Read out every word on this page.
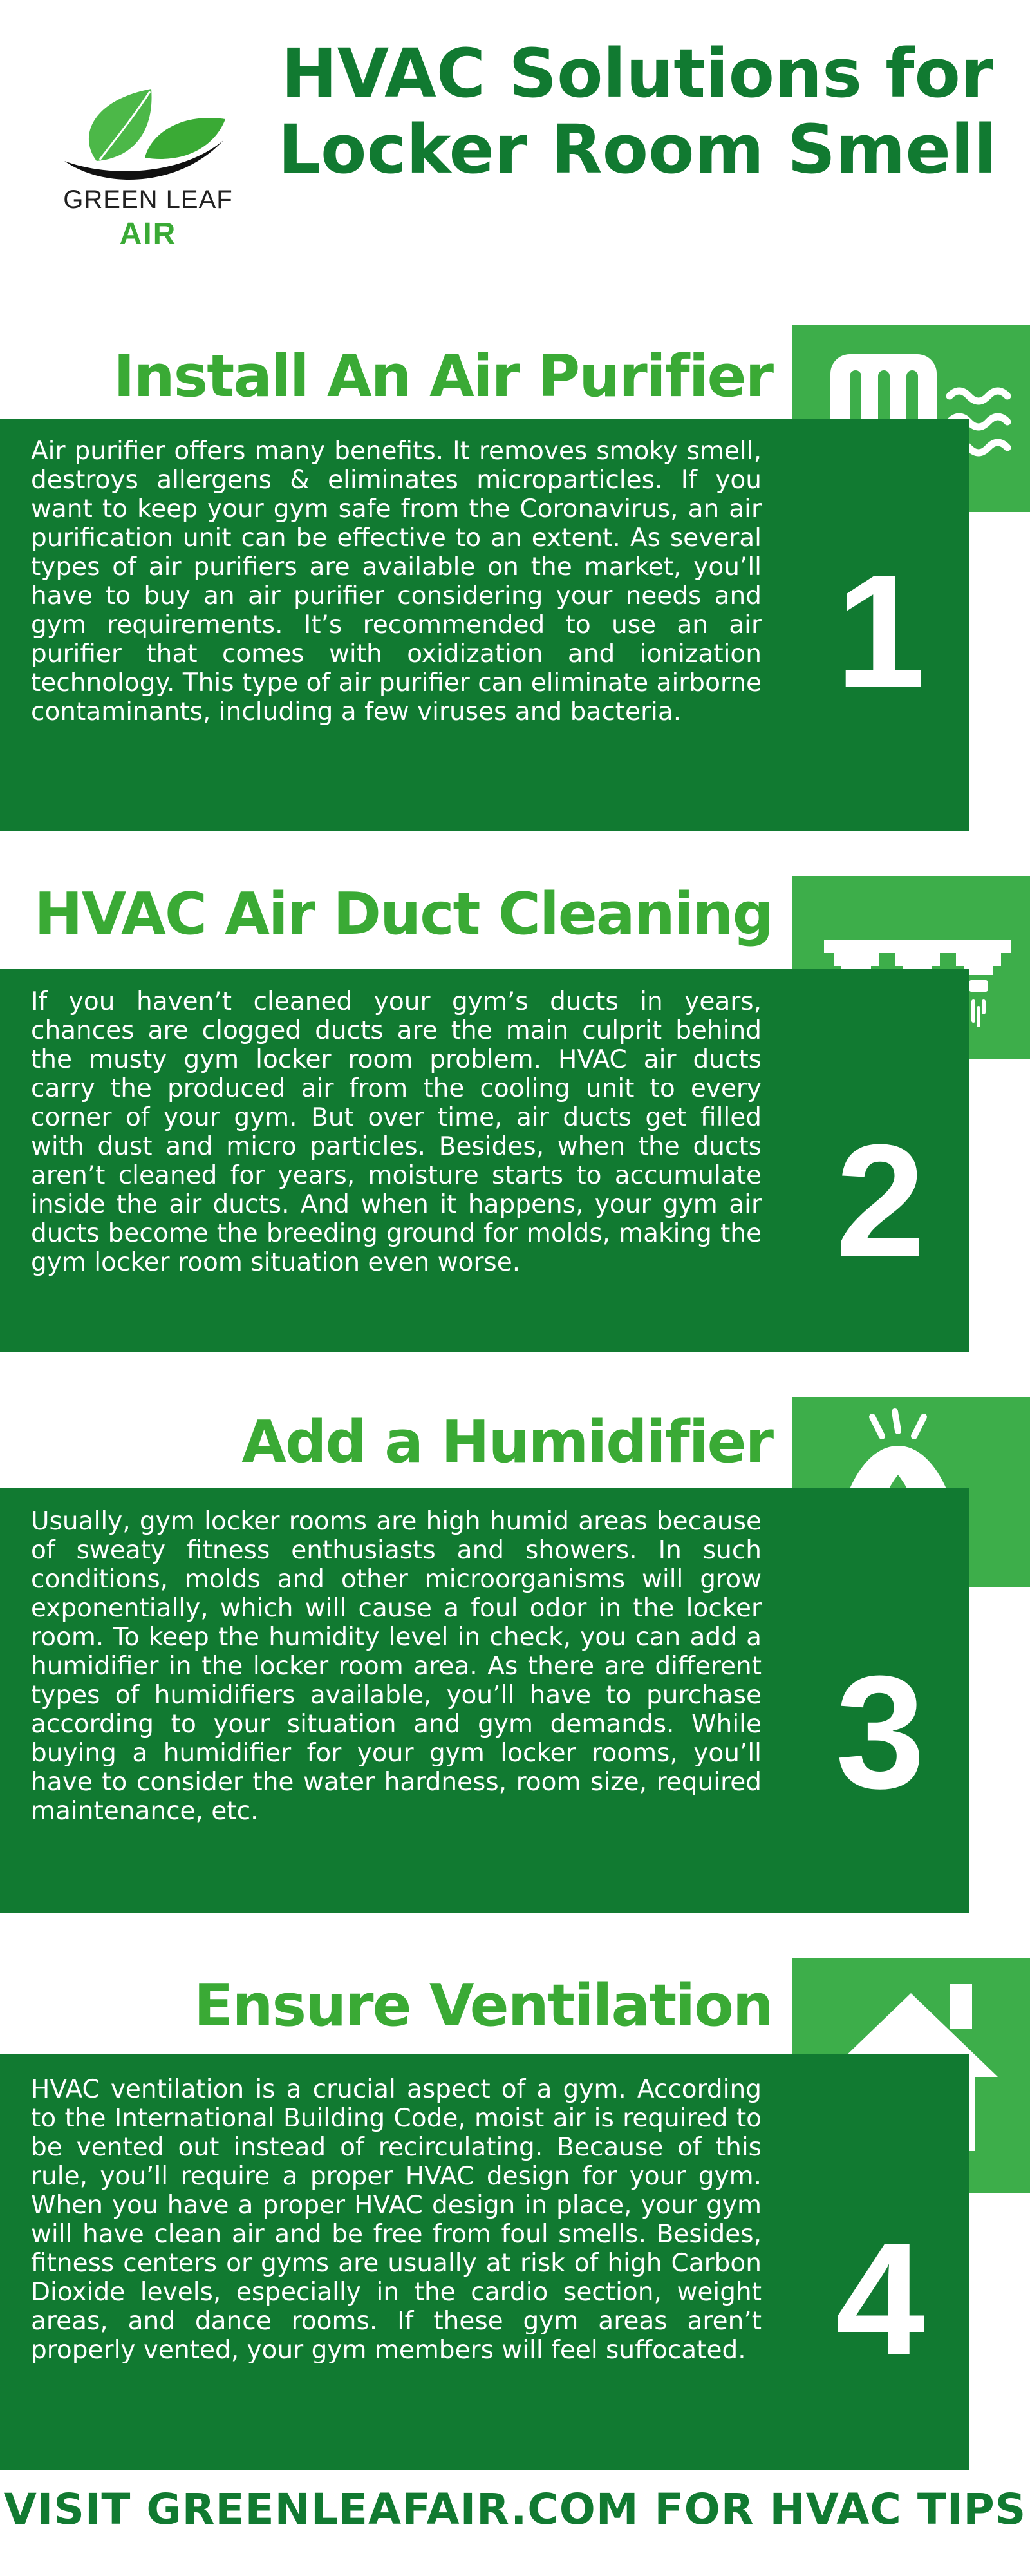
GREEN LEAF
AIR
HVAC Solutions for Locker Room Smell
Install An Air Purifier

Air purifier offers many benefits. It removes smoky smell, destroys allergens & eliminates microparticles. If you want to keep your gym safe from the Coronavirus, an air purification unit can be effective to an extent. As several types of air purifiers are available on the market, you’ll have to buy an air purifier considering your needs and gym requirements. It’s recommended to use an air purifier that comes with oxidization and ionization technology. This type of air purifier can eliminate airborne contaminants, including a few viruses and bacteria. 1
HVAC Air Duct Cleaning

If you haven’t cleaned your gym’s ducts in years, chances are clogged ducts are the main culprit behind the musty gym locker room problem. HVAC air ducts carry the produced air from the cooling unit to every corner of your gym. But over time, air ducts get filled with dust and micro particles. Besides, when the ducts aren’t cleaned for years, moisture starts to accumulate inside the air ducts. And when it happens, your gym air ducts become the breeding ground for molds, making the gym locker room situation even worse.	2
Add a Humidifier

Usually, gym locker rooms are high humid areas because of sweaty fitness enthusiasts and showers. In such conditions, molds and other microorganisms will grow exponentially, which will cause a foul odor in the locker room. To keep the humidity level in check, you can add a humidifier in the locker room area. As there are different types of humidifiers available, you’ll have to purchase according to your situation and gym demands. While buying a humidifier for your gym locker rooms, you’ll have to consider the water hardness, room size, required maintenance, etc.	3
Ensure Ventilation

HVAC ventilation is a crucial aspect of a gym. According to the International Building Code, moist air is required to be vented out instead of recirculating. Because of this rule, you’ll require a proper HVAC design for your gym. When you have a proper HVAC design in place, your gym will have clean air and be free from foul smells. Besides, fitness centers or gyms are usually at risk of high Carbon Dioxide levels, especially in the cardio section, weight areas, and dance rooms. If these gym areas aren’t properly vented, your gym members will feel suffocated. 4

VISIT GREENLEAFAIR.COM FOR HVAC TIPS
